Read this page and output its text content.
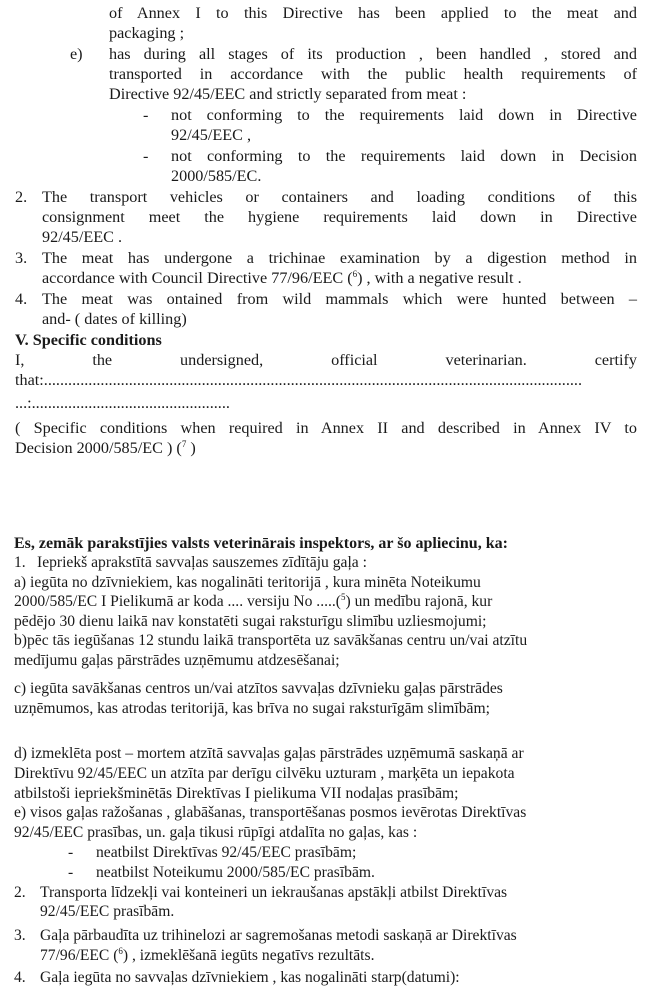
of Annex I to this Directive has been applied to the meat and
packaging ;
e) has during all stages of its production , been handled , stored and
transported in accordance with the public health requirements of
Directive 92/45/EEC and strictly separated from meat :
- not conforming to the requirements laid down in Directive
92/45/EEC ,
- not conforming to the requirements laid down in Decision
2000/585/EC.
2. The transport vehicles or containers and loading conditions of this
consignment meet the hygiene requirements laid down in Directive
92/45/EEC .
3. The meat has undergone a trichinae examination by a digestion method in
accordance with Council Directive 77/96/EEC ($^6$) , with a negative result .
4. The meat was ontained from wild mammals which were hunted between –
and- ( dates of killing)
V. Specific conditions
I,	the	undersigned,	official	veterinarian.	certify
that:.....................................................................................................................................
...:.................................................
( Specific conditions when required in Annex II and described in Annex IV to
Decision 2000/585/EC ) ($^7$ )
Es, zemāk parakstījies valsts veterinārais inspektors, ar šo apliecinu, ka:
1. Iepriekš aprakstītā savvaļas sauszemes zīdītāju gaļa :
a) iegūta no dzīvniekiem, kas nogalināti teritorijā , kura minēta Noteikumu
2000/585/EC I Pielikumā ar koda .... versiju No .....($^5$) un medību rajonā, kur
pēdējo 30 dienu laikā nav konstatēti sugai raksturīgu slimību uzliesmojumi;
b)pēc tās iegūšanas 12 stundu laikā transportēta uz savākšanas centru un/vai atzītu
medījumu gaļas pārstrādes uzņēmumu atdzesēšanai;
c) iegūta savākšanas centros un/vai atzītos savvaļas dzīvnieku gaļas pārstrādes
uzņēmumos, kas atrodas teritorijā, kas brīva no sugai raksturīgām slimībām;
d) izmeklēta post – mortem atzītā savvaļas gaļas pārstrādes uzņēmumā saskaņā ar
Direktīvu 92/45/EEC un atzīta par derīgu cilvēku uzturam , marķēta un iepakota
atbilstoši iepriekšminētās Direktīvas I pielikuma VII nodaļas prasībām;
e) visos gaļas ražošanas , glabāšanas, transportēšanas posmos ievērotas Direktīvas
92/45/EEC prasības, un. gaļa tikusi rūpīgi atdalīta no gaļas, kas :
- neatbilst Direktīvas 92/45/EEC prasībām;
- neatbilst Noteikumu 2000/585/EC prasībām.
2. Transporta līdzekļi vai konteineri un iekraušanas apstākļi atbilst Direktīvas
92/45/EEC prasībām.
3. Gaļa pārbaudīta uz trihinelozi ar sagremošanas metodi saskaņā ar Direktīvas
77/96/EEC ($^6$) , izmeklēšanā iegūts negatīvs rezultāts.
4. Gaļa iegūta no savvaļas dzīvniekiem , kas nogalināti starp(datumi):
